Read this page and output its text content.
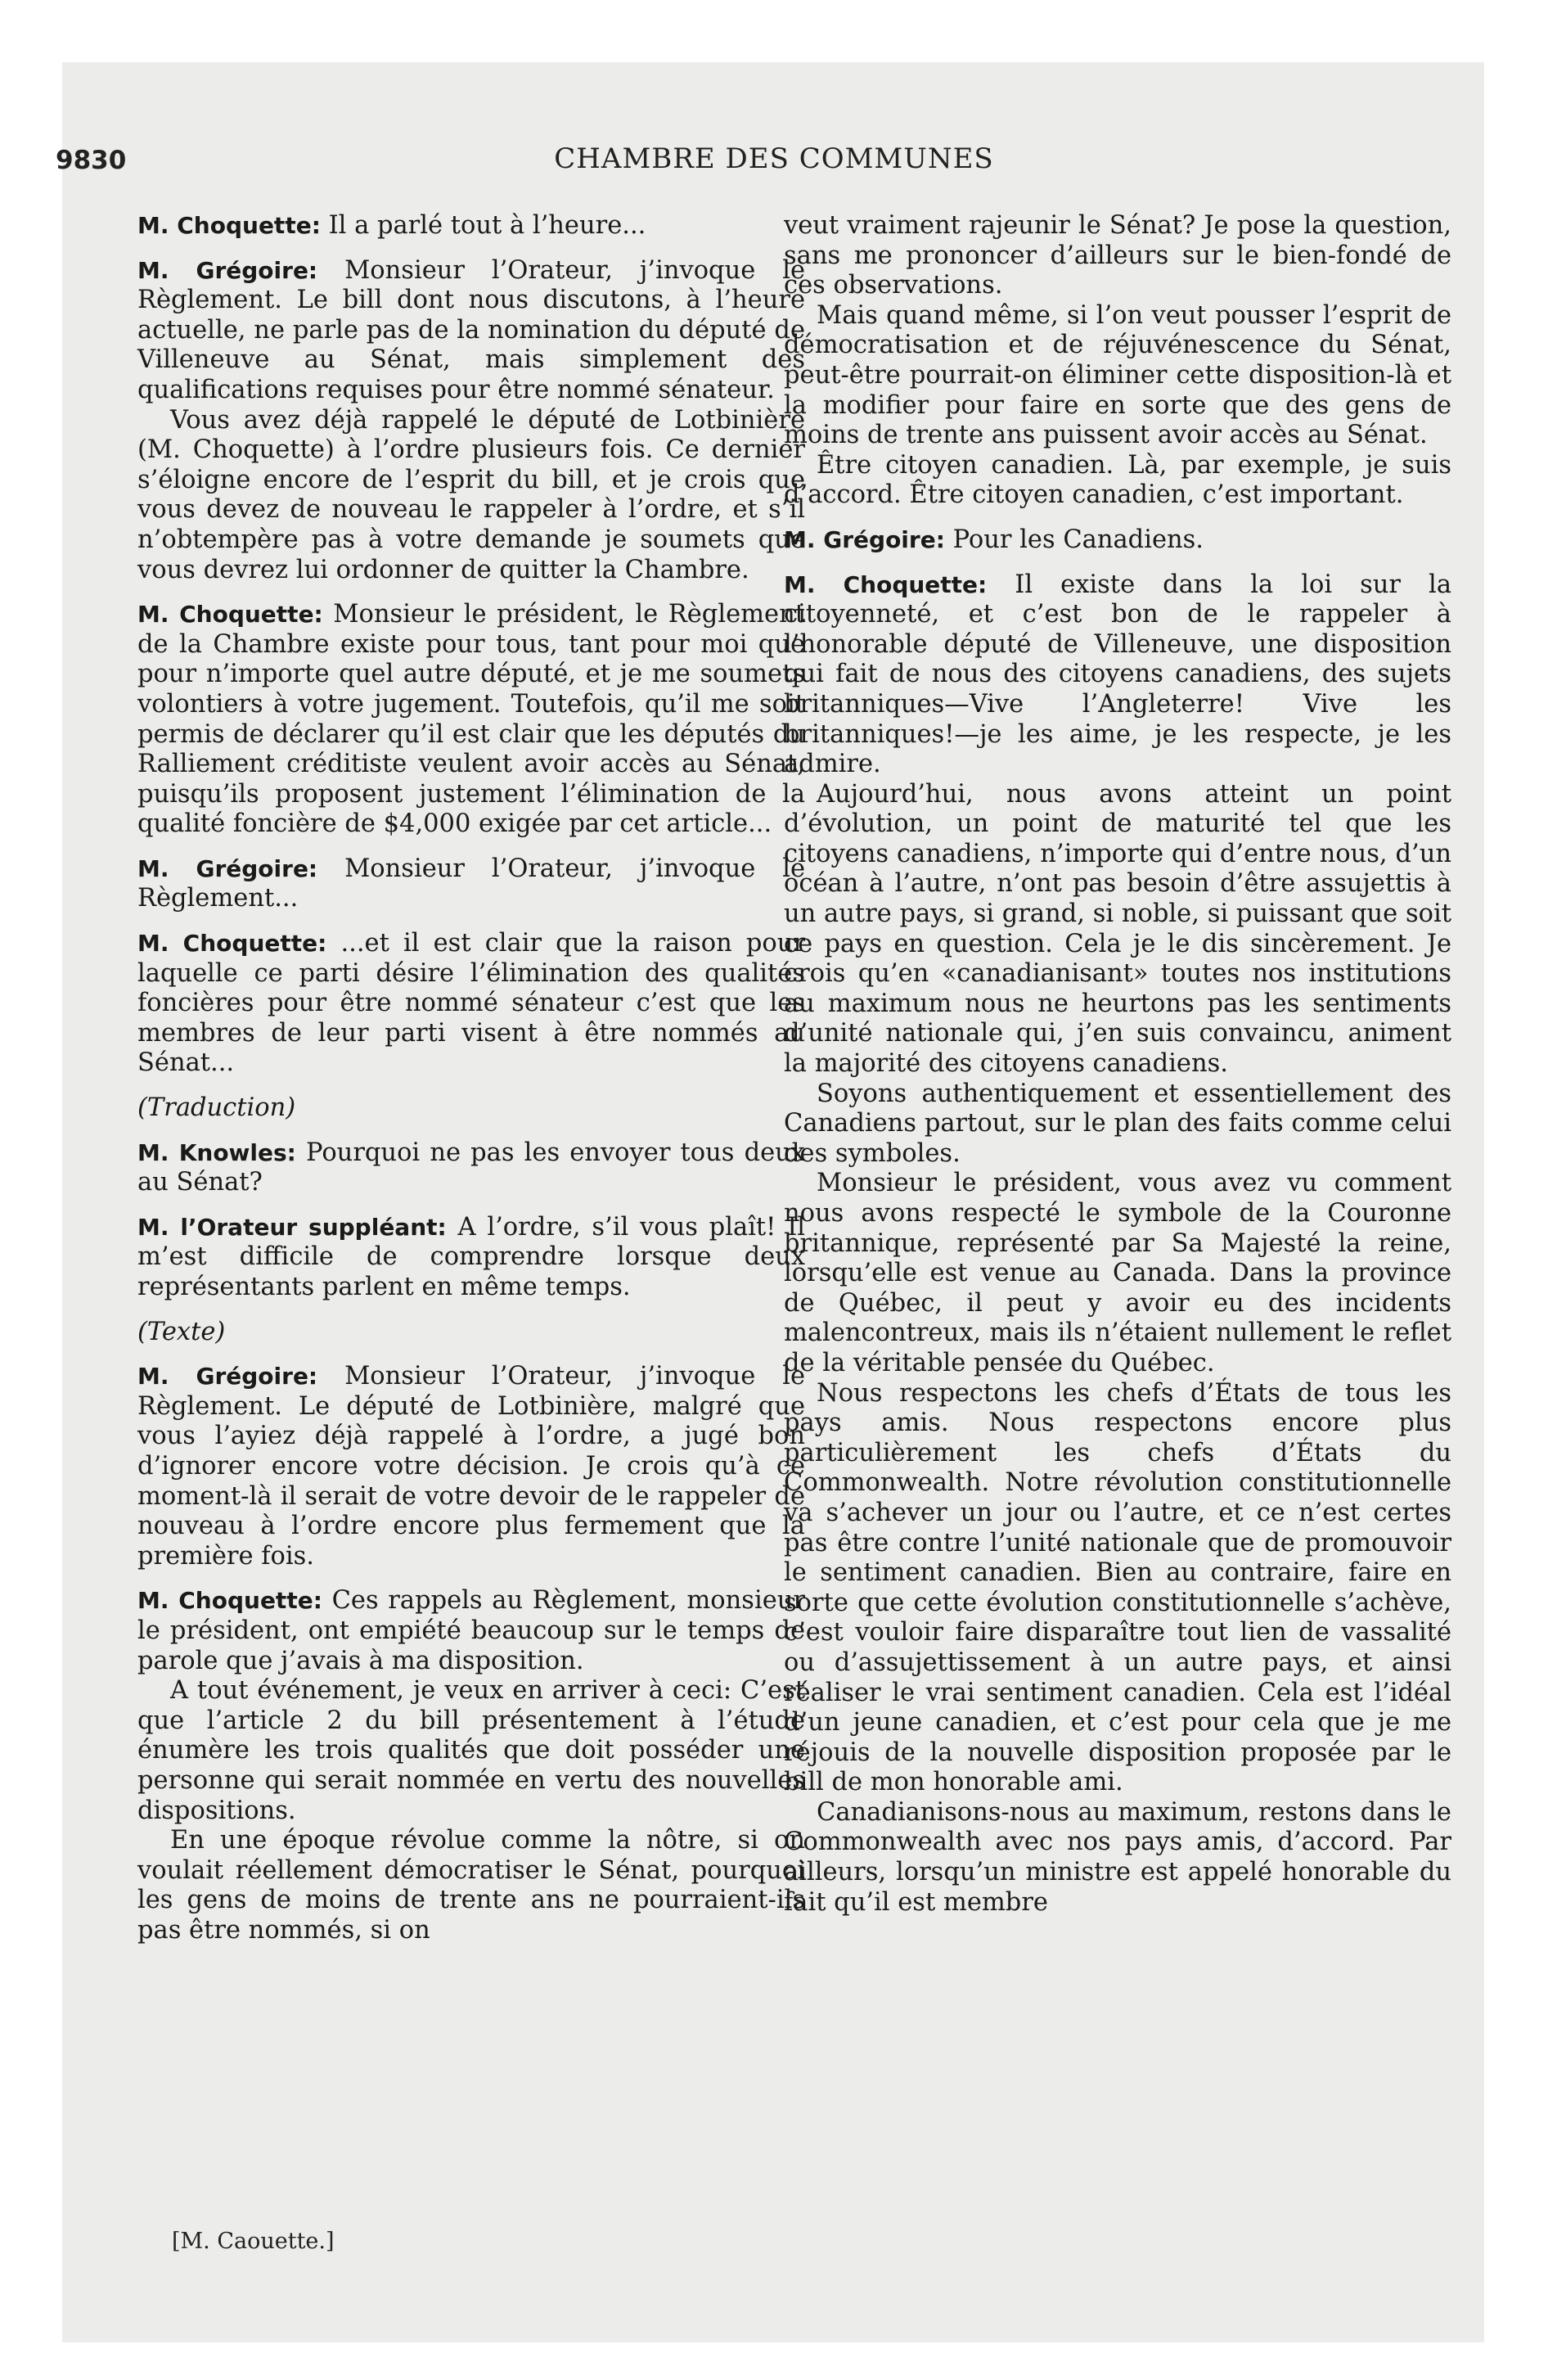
9830	CHAMBRE DES COMMUNES

M. Choquette: Il a parlé tout à l’heure...

M. Grégoire: Monsieur l’Orateur, j’invoque le Règlement. Le bill dont nous discutons, à l’heure actuelle, ne parle pas de la nomination du député de Villeneuve au Sénat, mais simplement des qualifications requises pour être nommé sénateur.

Vous avez déjà rappelé le député de Lotbinière (M. Choquette) à l’ordre plusieurs fois. Ce dernier s’éloigne encore de l’esprit du bill, et je crois que vous devez de nouveau le rappeler à l’ordre, et s’il n’obtempère pas à votre demande je soumets que vous devrez lui ordonner de quitter la Chambre.

M. Choquette: Monsieur le président, le Règlement de la Chambre existe pour tous, tant pour moi que pour n’importe quel autre député, et je me soumets volontiers à votre jugement. Toutefois, qu’il me soit permis de déclarer qu’il est clair que les députés du Ralliement créditiste veulent avoir accès au Sénat, puisqu’ils proposent justement l’élimination de la qualité foncière de $4,000 exigée par cet article...

M. Grégoire: Monsieur l’Orateur, j’invoque le Règlement...

M. Choquette: ...et il est clair que la raison pour laquelle ce parti désire l’élimination des qualités foncières pour être nommé sénateur c’est que les membres de leur parti visent à être nommés au Sénat...

(Traduction)

M. Knowles: Pourquoi ne pas les envoyer tous deux au Sénat?

M. l’Orateur suppléant: A l’ordre, s’il vous plaît! Il m’est difficile de comprendre lorsque deux représentants parlent en même temps.

(Texte)

M. Grégoire: Monsieur l’Orateur, j’invoque le Règlement. Le député de Lotbinière, malgré que vous l’ayiez déjà rappelé à l’ordre, a jugé bon d’ignorer encore votre décision. Je crois qu’à ce moment-là il serait de votre devoir de le rappeler de nouveau à l’ordre encore plus fermement que la première fois.

M. Choquette: Ces rappels au Règlement, monsieur le président, ont empiété beaucoup sur le temps de parole que j’avais à ma disposition.

A tout événement, je veux en arriver à ceci: C’est que l’article 2 du bill présentement à l’étude énumère les trois qualités que doit posséder une personne qui serait nommée en vertu des nouvelles dispositions.

En une époque révolue comme la nôtre, si on voulait réellement démocratiser le Sénat, pourquoi les gens de moins de trente ans ne pourraient-ils pas être nommés, si on

veut vraiment rajeunir le Sénat? Je pose la question, sans me prononcer d’ailleurs sur le bien-fondé de ces observations.

Mais quand même, si l’on veut pousser l’esprit de démocratisation et de réjuvénescence du Sénat, peut-être pourrait-on éliminer cette disposition-là et la modifier pour faire en sorte que des gens de moins de trente ans puissent avoir accès au Sénat.

Être citoyen canadien. Là, par exemple, je suis d’accord. Être citoyen canadien, c’est important.

M. Grégoire: Pour les Canadiens.

M. Choquette: Il existe dans la loi sur la citoyenneté, et c’est bon de le rappeler à l’honorable député de Villeneuve, une disposition qui fait de nous des citoyens canadiens, des sujets britanniques—Vive l’Angleterre! Vive les britanniques!—je les aime, je les respecte, je les admire.

Aujourd’hui, nous avons atteint un point d’évolution, un point de maturité tel que les citoyens canadiens, n’importe qui d’entre nous, d’un océan à l’autre, n’ont pas besoin d’être assujettis à un autre pays, si grand, si noble, si puissant que soit ce pays en question. Cela je le dis sincèrement. Je crois qu’en «canadianisant» toutes nos institutions au maximum nous ne heurtons pas les sentiments d’unité nationale qui, j’en suis convaincu, animent la majorité des citoyens canadiens.

Soyons authentiquement et essentiellement des Canadiens partout, sur le plan des faits comme celui des symboles.

Monsieur le président, vous avez vu comment nous avons respecté le symbole de la Couronne britannique, représenté par Sa Majesté la reine, lorsqu’elle est venue au Canada. Dans la province de Québec, il peut y avoir eu des incidents malencontreux, mais ils n’étaient nullement le reflet de la véritable pensée du Québec.

Nous respectons les chefs d’États de tous les pays amis. Nous respectons encore plus particulièrement les chefs d’États du Commonwealth. Notre révolution constitutionnelle va s’achever un jour ou l’autre, et ce n’est certes pas être contre l’unité nationale que de promouvoir le sentiment canadien. Bien au contraire, faire en sorte que cette évolution constitutionnelle s’achève, c’est vouloir faire disparaître tout lien de vassalité ou d’assujettissement à un autre pays, et ainsi réaliser le vrai sentiment canadien. Cela est l’idéal d’un jeune canadien, et c’est pour cela que je me réjouis de la nouvelle disposition proposée par le bill de mon honorable ami.

Canadianisons-nous au maximum, restons dans le Commonwealth avec nos pays amis, d’accord. Par ailleurs, lorsqu’un ministre est appelé honorable du fait qu’il est membre

[M. Caouette.]
